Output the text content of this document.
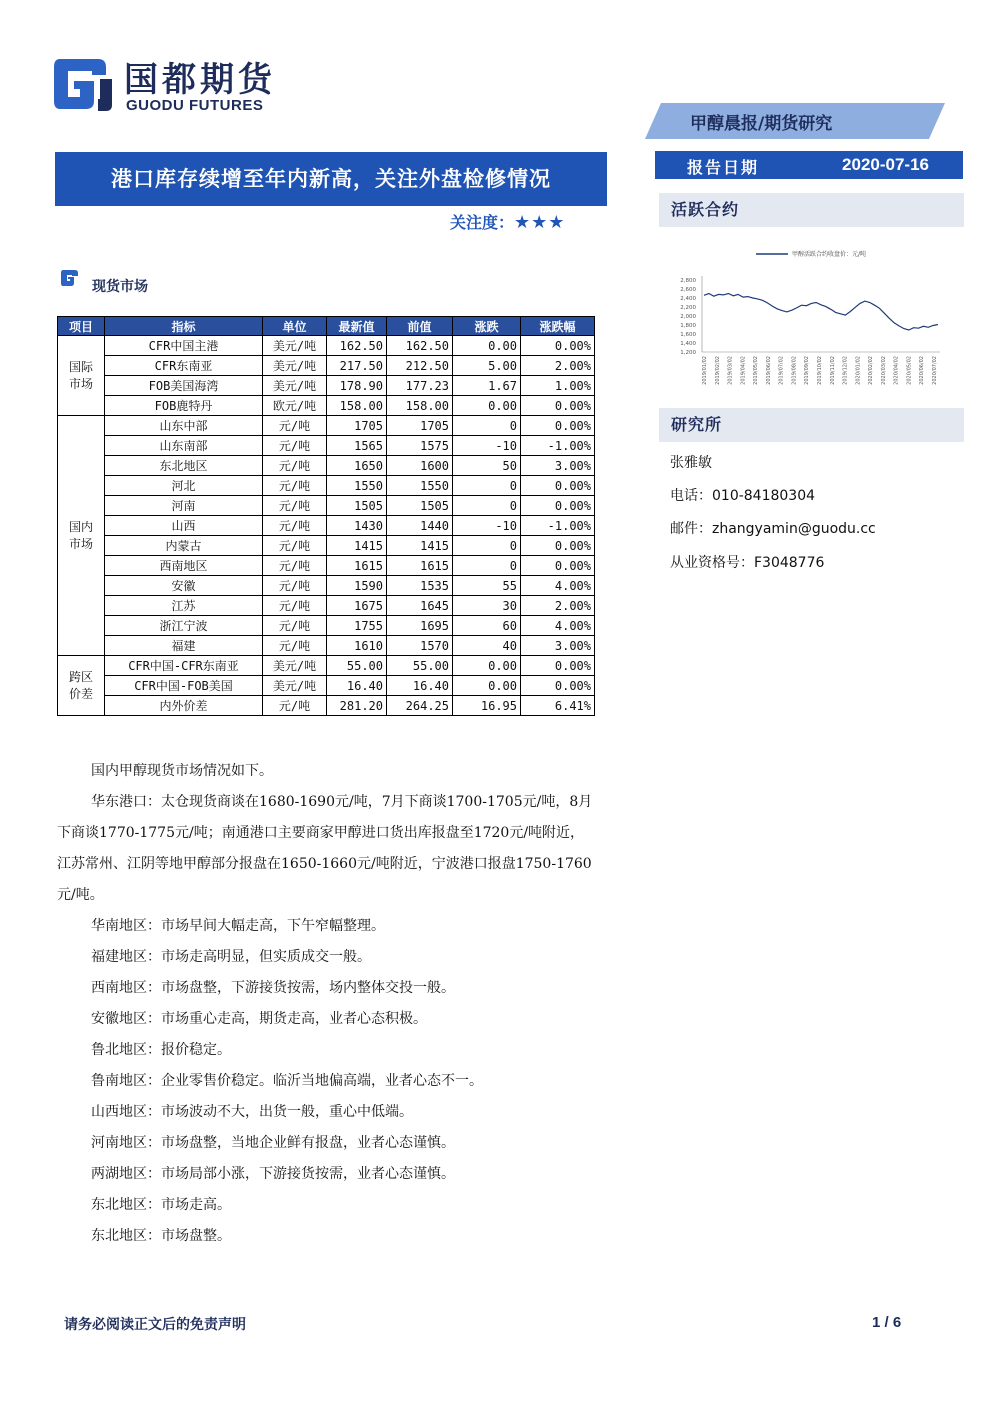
国都期货
GUODU FUTURES
甲醇晨报/期货研究
港口库存续增至年内新高，关注外盘检修情况
关注度：★★★
报告日期	2020-07-16
活跃合约
甲醇活跃合约收盘价：元/吨
2,800
2,600
2,400
2,200
2,000
1,800
1,600
1,400
1,200
2019/01/02 2019/02/02 2019/03/02 2019/04/02 2019/05/02 2019/06/02 2019/07/02 2019/08/02 2019/09/02 2019/10/02 2019/11/02 2019/12/02 2020/01/02 2020/02/02 2020/03/02 2020/04/02 2020/05/02 2020/06/02 2020/07/02
研究所
张雅敏
电话：010-84180304
邮件：zhangyamin@guodu.cc
从业资格号：F3048776
现货市场
项目	指标	单位	最新值	前值	涨跌	涨跌幅
国际
市场	CFR中国主港	美元/吨	162.50	162.50	0.00	0.00%
	CFR东南亚	美元/吨	217.50	212.50	5.00	2.00%
	FOB美国海湾	美元/吨	178.90	177.23	1.67	1.00%
	FOB鹿特丹	欧元/吨	158.00	158.00	0.00	0.00%
国内
市场	山东中部	元/吨	1705	1705	0	0.00%
	山东南部	元/吨	1565	1575	-10	-1.00%
	东北地区	元/吨	1650	1600	50	3.00%
	河北	元/吨	1550	1550	0	0.00%
	河南	元/吨	1505	1505	0	0.00%
	山西	元/吨	1430	1440	-10	-1.00%
	内蒙古	元/吨	1415	1415	0	0.00%
	西南地区	元/吨	1615	1615	0	0.00%
	安徽	元/吨	1590	1535	55	4.00%
	江苏	元/吨	1675	1645	30	2.00%
	浙江宁波	元/吨	1755	1695	60	4.00%
	福建	元/吨	1610	1570	40	3.00%
跨区
价差	CFR中国-CFR东南亚	美元/吨	55.00	55.00	0.00	0.00%
	CFR中国-FOB美国	美元/吨	16.40	16.40	0.00	0.00%
	内外价差	元/吨	281.20	264.25	16.95	6.41%

国内甲醇现货市场情况如下。

华东港口：太仓现货商谈在1680-1690元/吨，7月下商谈1700-1705元/吨，8月下商谈1770-1775元/吨；南通港口主要商家甲醇进口货出库报盘至1720元/吨附近，江苏常州、江阴等地甲醇部分报盘在1650-1660元/吨附近，宁波港口报盘1750-1760元/吨。

华南地区：市场早间大幅走高，下午窄幅整理。

福建地区：市场走高明显，但实质成交一般。

西南地区：市场盘整，下游接货按需，场内整体交投一般。

安徽地区：市场重心走高，期货走高，业者心态积极。

鲁北地区：报价稳定。

鲁南地区：企业零售价稳定。临沂当地偏高端，业者心态不一。

山西地区：市场波动不大，出货一般，重心中低端。

河南地区：市场盘整，当地企业鲜有报盘，业者心态谨慎。

两湖地区：市场局部小涨，下游接货按需，业者心态谨慎。

东北地区：市场走高。

东北地区：市场盘整。

请务必阅读正文后的免责声明	1 / 6
